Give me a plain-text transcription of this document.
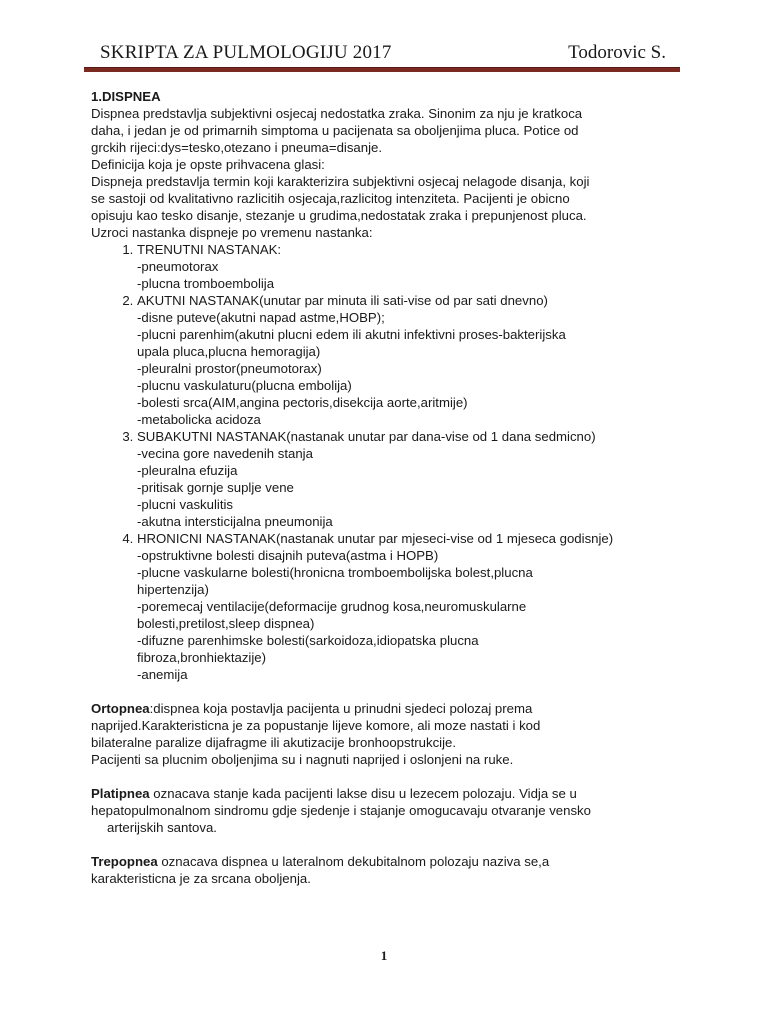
SKRIPTA ZA PULMOLOGIJU 2017	Todorovic S.

1.DISPNEA

Dispnea predstavlja subjektivni osjecaj nedostatka zraka. Sinonim za nju je kratkoca

daha, i jedan je od primarnih simptoma u pacijenata sa oboljenjima pluca. Potice od

grckih rijeci:dys=tesko,otezano i pneuma=disanje.

Definicija koja je opste prihvacena glasi:

Dispneja predstavlja termin koji karakterizira subjektivni osjecaj nelagode disanja, koji

se sastoji od kvalitativno razlicitih osjecaja,razlicitog intenziteta. Pacijenti je obicno

opisuju kao tesko disanje, stezanje u grudima,nedostatak zraka i prepunjenost pluca.

Uzroci nastanka dispneje po vremenu nastanka:

1. TRENUTNI NASTANAK:

-pneumotorax

-plucna tromboembolija

2. AKUTNI NASTANAK(unutar par minuta ili sati-vise od par sati dnevno)

-disne puteve(akutni napad astme,HOBP);

-plucni parenhim(akutni plucni edem ili akutni infektivni proses-bakterijska

upala pluca,plucna hemoragija)

-pleuralni prostor(pneumotorax)

-plucnu vaskulaturu(plucna embolija)

-bolesti srca(AIM,angina pectoris,disekcija aorte,aritmije)

-metabolicka acidoza

3. SUBAKUTNI NASTANAK(nastanak unutar par dana-vise od 1 dana sedmicno)

-vecina gore navedenih stanja

-pleuralna efuzija

-pritisak gornje suplje vene

-plucni vaskulitis

-akutna intersticijalna pneumonija

4. HRONICNI NASTANAK(nastanak unutar par mjeseci-vise od 1 mjeseca godisnje)

-opstruktivne bolesti disajnih puteva(astma i HOPB)

-plucne vaskularne bolesti(hronicna tromboembolijska bolest,plucna

hipertenzija)

-poremecaj ventilacije(deformacije grudnog kosa,neuromuskularne

bolesti,pretilost,sleep dispnea)

-difuzne parenhimske bolesti(sarkoidoza,idiopatska plucna

fibroza,bronhiektazije)

-anemija

Ortopnea:dispnea koja postavlja pacijenta u prinudni sjedeci polozaj prema

naprijed.Karakteristicna je za popustanje lijeve komore, ali moze nastati i kod

bilateralne paralize dijafragme ili akutizacije bronhoopstrukcije.

Pacijenti sa plucnim oboljenjima su i nagnuti naprijed i oslonjeni na ruke.

Platipnea oznacava stanje kada pacijenti lakse disu u lezecem polozaju. Vidja se u

hepatopulmonalnom sindromu gdje sjedenje i stajanje omogucavaju otvaranje vensko

arterijskih santova.

Trepopnea oznacava dispnea u lateralnom dekubitalnom polozaju naziva se,a

karakteristicna je za srcana oboljenja.

1
